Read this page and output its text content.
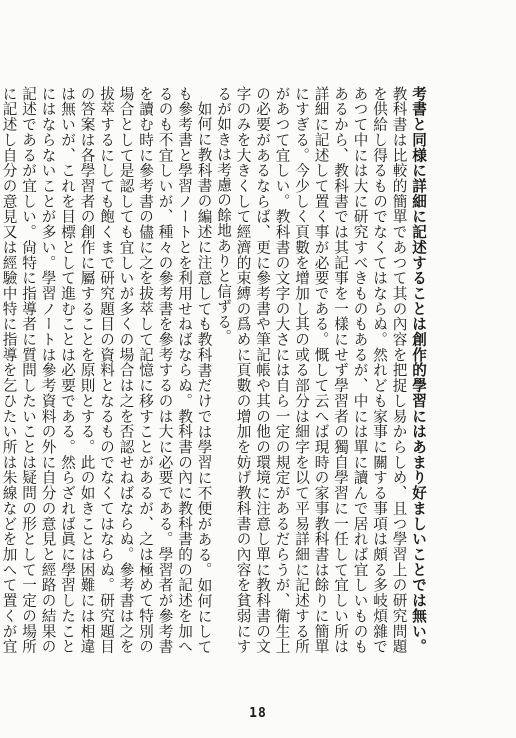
考書と同様に詳細に記述することは創作的學習にはあまり好ましいことでは無い。教科書は比較的簡單であつて其の內容を把捉し易からしめ、且つ學習上の研究問題を供給し得るものでなくてはならぬ。然れども家事に關する事項は頗る多岐煩雜であつて中には大に研究すべきものもあるが、中には單に讀んで居れば宜しいものもあるから、教科書では其記事を一樣にせず學習者の獨自學習に一任して宜しい所は詳細に記述して置く事が必要である。慨して云へば現時の家事教科書は餘りに簡單にすぎる。今少しく頁數を增加し其の或る部分は細字を以て平易詳細に記述する所があつて宜しい。教科書の文字の大さには自ら一定の規定があるだらうが、衛生上の必要があるならば、更に參考書や筆記帳や其の他の環境に注意し單に教科書の文字のみを大きくして經濟的束縛の爲めに頁數の增加を妨げ教科書の內容を貧弱にするが如きは考慮の餘地ありと信ずる。

如何に教科書の編述に注意しても教科書だけでは學習に不便がある。如何にしても參考書と學習ノートとを利用せねばならぬ。教科書の內に教科書的の記述を加へるのも不宜しいが、種々の參考書を參考するのは大に必要である。學習者が參考書を讀む時に參考書の儘に之を拔萃して記憶に移すことがあるが、之は極めて特別の場合として是認しても宜しいが多くの場合は之を否認せねばならぬ。參考書は之を拔萃するにしても飽くまで研究題目の資料となるものでなくてはならぬ。研究題目の答案は各學習者の創作に屬することを原則とする。此の如きことは困難には相違は無いが、これを目標として進むことは必要である。然らざれば眞に學習したことにはならないことが多い。學習ノートは參考資料の外に自分の意見と經路の結果の記述であるが宜しい。尙特に指導者に質問したいことは疑問の形として一定の場所に記述し自分の意見又は經驗中特に指導を乞ひたい所は朱線などを加へて置くが宜

18
